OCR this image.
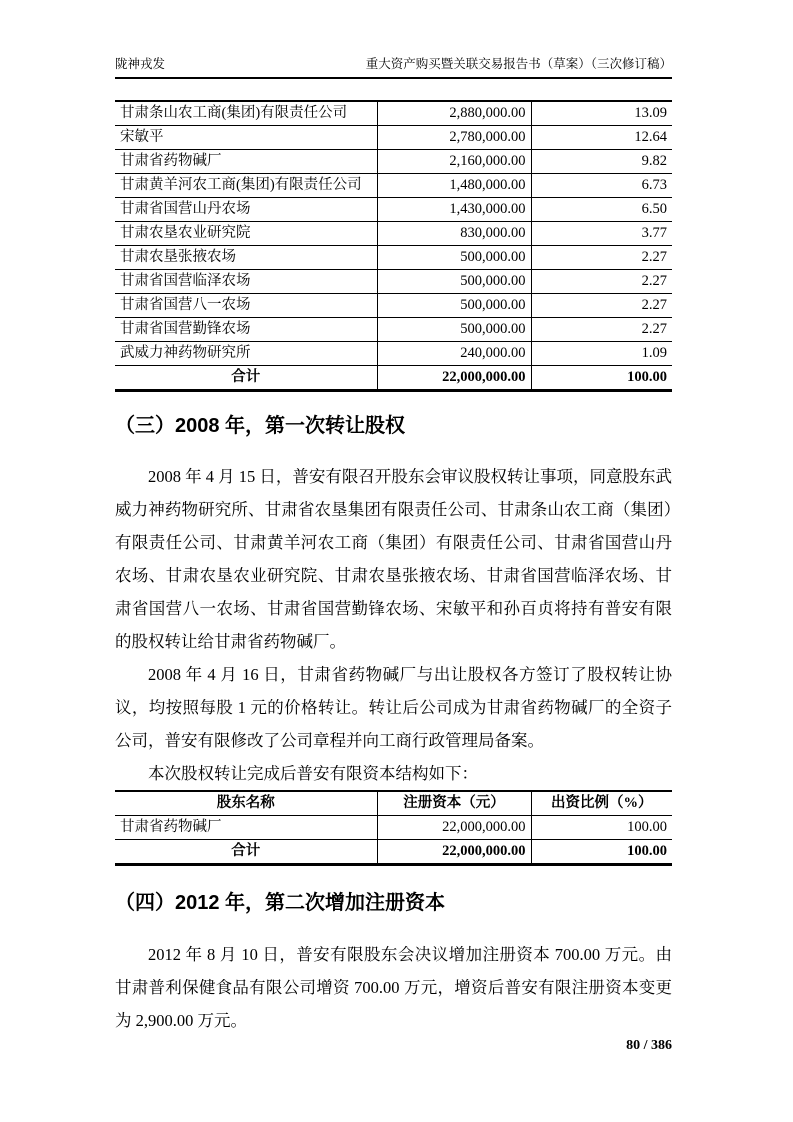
陇神戎发	重大资产购买暨关联交易报告书（草案）（三次修订稿）
甘肃条山农工商(集团)有限责任公司	2,880,000.00	13.09
宋敏平	2,780,000.00	12.64
甘肃省药物碱厂	2,160,000.00	9.82
甘肃黄羊河农工商(集团)有限责任公司	1,480,000.00	6.73
甘肃省国营山丹农场	1,430,000.00	6.50
甘肃农垦农业研究院	830,000.00	3.77
甘肃农垦张掖农场	500,000.00	2.27
甘肃省国营临泽农场	500,000.00	2.27
甘肃省国营八一农场	500,000.00	2.27
甘肃省国营勤锋农场	500,000.00	2.27
武威力神药物研究所	240,000.00	1.09
合计	22,000,000.00	100.00
（三）2008 年，第一次转让股权

2008 年 4 月 15 日，普安有限召开股东会审议股权转让事项，同意股东武威力神药物研究所、甘肃省农垦集团有限责任公司、甘肃条山农工商（集团）有限责任公司、甘肃黄羊河农工商（集团）有限责任公司、甘肃省国营山丹农场、甘肃农垦农业研究院、甘肃农垦张掖农场、甘肃省国营临泽农场、甘肃省国营八一农场、甘肃省国营勤锋农场、宋敏平和孙百贞将持有普安有限的股权转让给甘肃省药物碱厂。

2008 年 4 月 16 日，甘肃省药物碱厂与出让股权各方签订了股权转让协议，均按照每股 1 元的价格转让。转让后公司成为甘肃省药物碱厂的全资子公司，普安有限修改了公司章程并向工商行政管理局备案。

本次股权转让完成后普安有限资本结构如下：

股东名称	注册资本（元）	出资比例（%）
甘肃省药物碱厂	22,000,000.00	100.00
合计	22,000,000.00	100.00
（四）2012 年，第二次增加注册资本

2012 年 8 月 10 日，普安有限股东会决议增加注册资本 700.00 万元。由甘肃普利保健食品有限公司增资 700.00 万元，增资后普安有限注册资本变更为 2,900.00 万元。

80 / 386
